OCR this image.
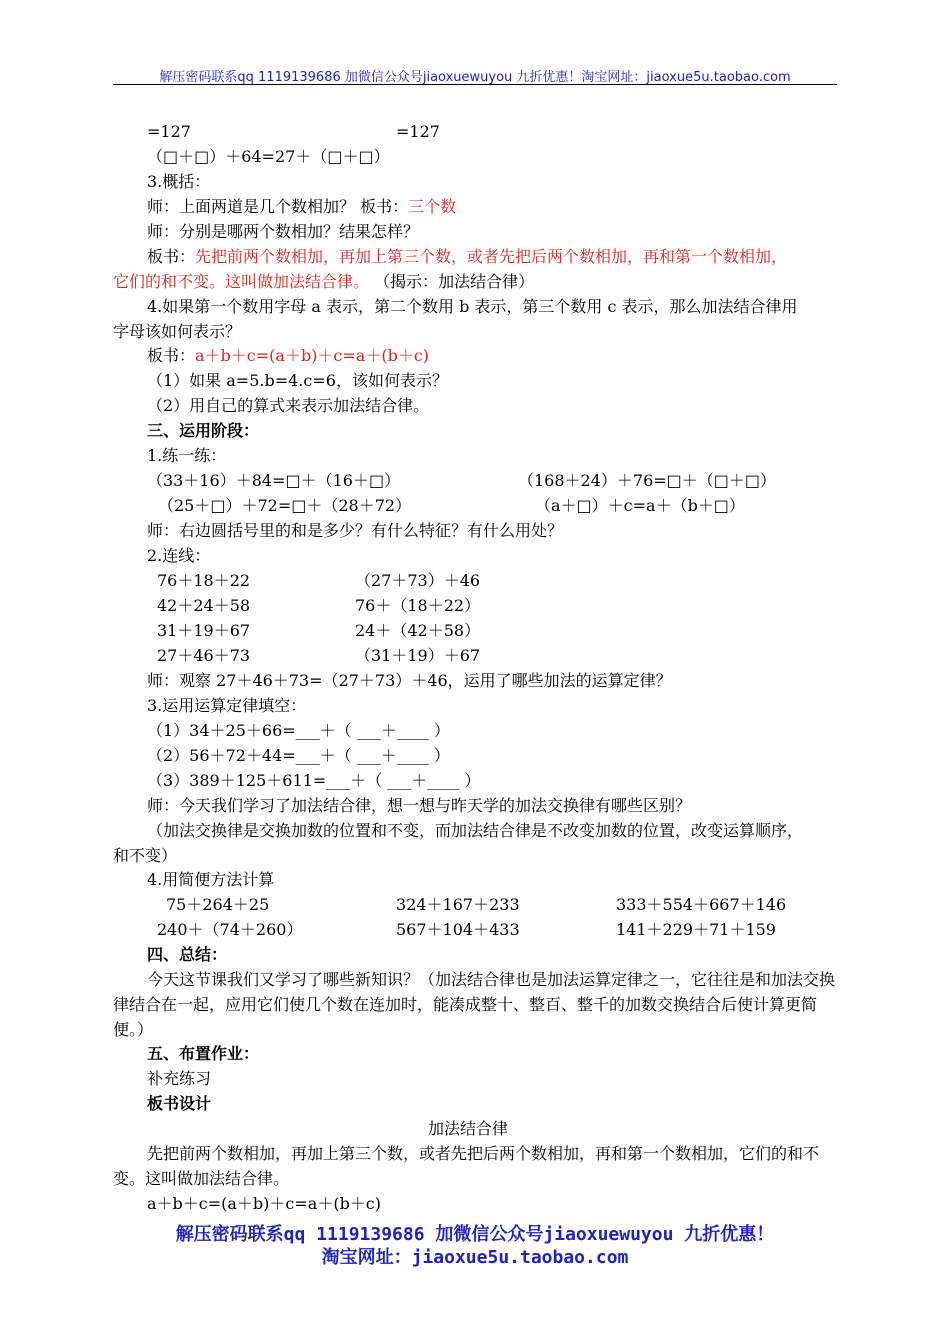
解压密码联系qq 1119139686 加微信公众号jiaoxuewuyou 九折优惠！淘宝网址：jiaoxue5u.taobao.com
=127	=127
（□＋□）＋64=27＋（□＋□）
3.概括：
师：上面两道是几个数相加？ 板书：三个数
师：分别是哪两个数相加？结果怎样？
板书：先把前两个数相加，再加上第三个数，或者先把后两个数相加，再和第一个数相加，它们的和不变。这叫做加法结合律。 （揭示：加法结合律）
4.如果第一个数用字母 a 表示，第二个数用 b 表示，第三个数用 c 表示，那么加法结合律用字母该如何表示？
板书：a＋b＋c=(a＋b)＋c=a＋(b＋c)
（1）如果 a=5.b=4.c=6，该如何表示？
（2）用自己的算式来表示加法结合律。
三、运用阶段：
1.练一练：
（33＋16）＋84=□＋（16＋□）	（168＋24）＋76=□＋（□＋□）
（25＋□）＋72=□＋（28＋72）	（a＋□）＋c=a＋（b＋□）
师：右边圆括号里的和是多少？有什么特征？有什么用处？
2.连线：
76＋18＋22	（27＋73）＋46
42＋24＋58	76＋（18＋22）
31＋19＋67	24＋（42＋58）
27＋46＋73	（31＋19）＋67
师：观察 27＋46＋73=（27＋73）＋46，运用了哪些加法的运算定律？
3.运用运算定律填空：
（1）34＋25＋66=___＋（ ___＋____ ）
（2）56＋72＋44=___＋（ ___＋____ ）
（3）389＋125＋611=___＋（ ___＋____ ）
师：今天我们学习了加法结合律，想一想与昨天学的加法交换律有哪些区别？
（加法交换律是交换加数的位置和不变，而加法结合律是不改变加数的位置，改变运算顺序，和不变）
4.用简便方法计算
75＋264＋25	324＋167＋233	333＋554＋667＋146
240＋（74＋260）	567＋104＋433	141＋229＋71＋159
四、总结：
今天这节课我们又学习了哪些新知识？（加法结合律也是加法运算定律之一，它往往是和加法交换律结合在一起，应用它们使几个数在连加时，能凑成整十、整百、整千的加数交换结合后使计算更简便。）
五、布置作业：
补充练习
板书设计
加法结合律
先把前两个数相加，再加上第三个数，或者先把后两个数相加，再和第一个数相加，它们的和不变。这叫做加法结合律。
a＋b＋c=(a＋b)＋c=a＋(b＋c)
解压密码联系qq 1119139686 加微信公众号jiaoxuewuyou 九折优惠！
淘宝网址：jiaoxue5u.taobao.com
